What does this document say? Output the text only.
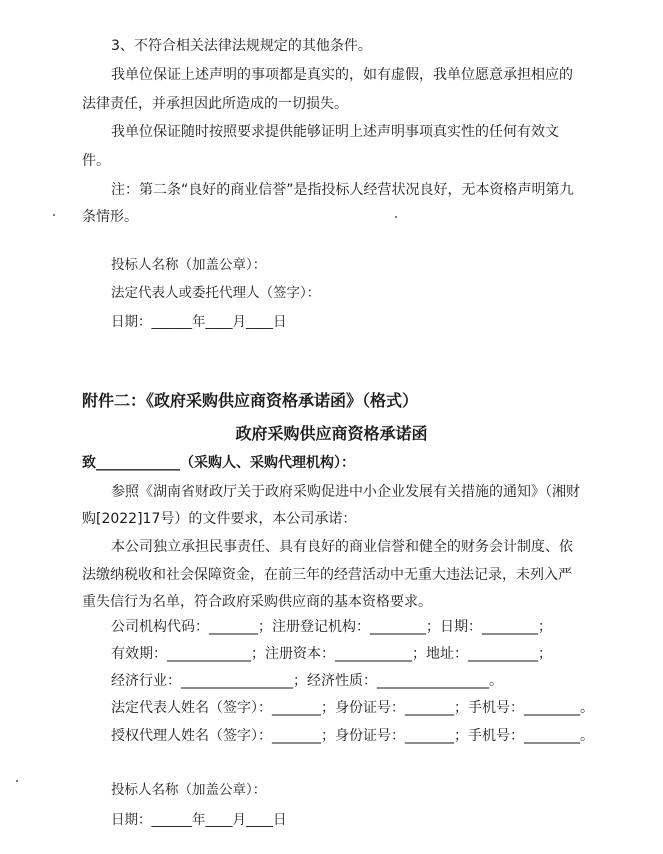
3、不符合相关法律法规规定的其他条件。
我单位保证上述声明的事项都是真实的，如有虚假，我单位愿意承担相应的
法律责任，并承担因此所造成的一切损失。
我单位保证随时按照要求提供能够证明上述声明事项真实性的任何有效文
件。
注：第二条“良好的商业信誉”是指投标人经营状况良好，无本资格声明第九
条情形。
投标人名称（加盖公章）：
法定代表人或委托代理人（签字）：
日期：______年____月____日
附件二：《政府采购供应商资格承诺函》（格式）
政府采购供应商资格承诺函
致____________（采购人、采购代理机构）：
参照《湖南省财政厅关于政府采购促进中小企业发展有关措施的通知》（湘财
购[2022]17号）的文件要求，本公司承诺：
本公司独立承担民事责任、具有良好的商业信誉和健全的财务会计制度、依
法缴纳税收和社会保障资金，在前三年的经营活动中无重大违法记录，未列入严
重失信行为名单，符合政府采购供应商的基本资格要求。
公司机构代码：_______；注册登记机构：________；日期：________；
有效期：____________；注册资本：___________；地址：__________；
经济行业：________________；经济性质：________________。
法定代表人姓名（签字）：_______；身份证号：_______；手机号：________。
授权代理人姓名（签字）：_______；身份证号：_______；手机号：________。
投标人名称（加盖公章）：
日期：______年____月____日
